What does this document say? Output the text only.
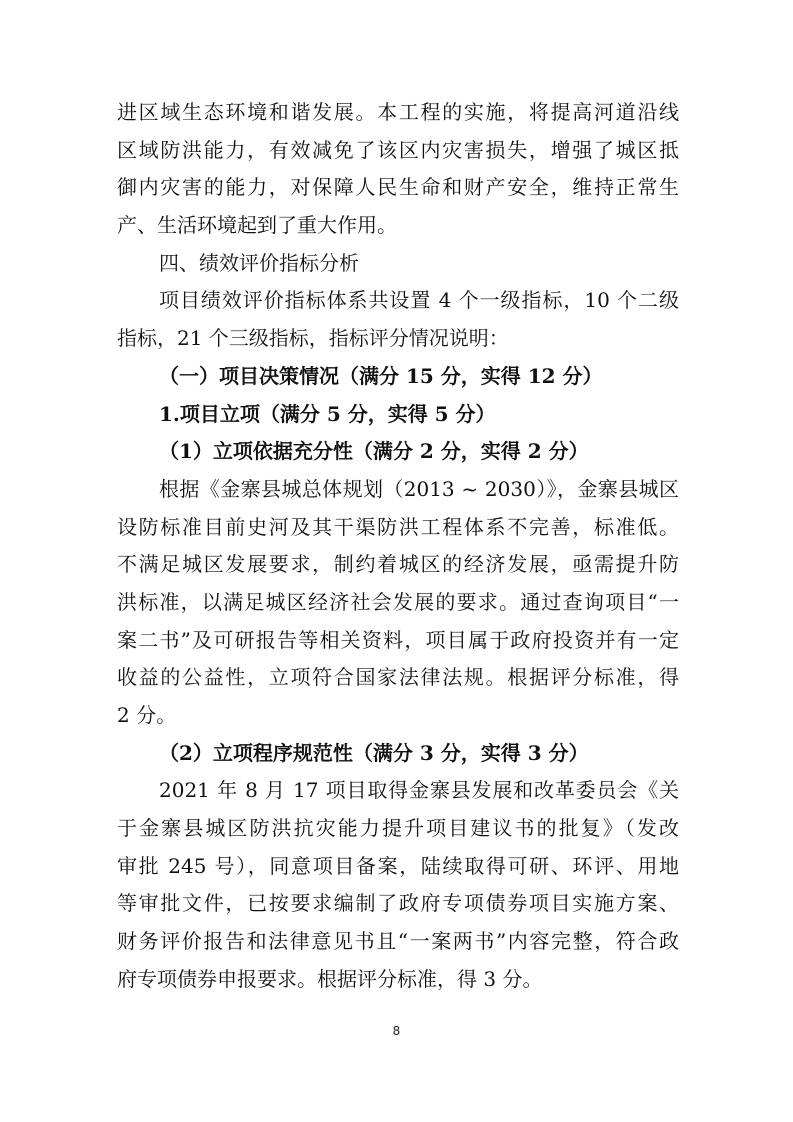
进区域生态环境和谐发展。本工程的实施，将提高河道沿线
区域防洪能力，有效减免了该区内灾害损失，增强了城区抵
御内灾害的能力，对保障人民生命和财产安全，维持正常生
产、生活环境起到了重大作用。
四、绩效评价指标分析
项目绩效评价指标体系共设置 4 个一级指标，10 个二级
指标，21 个三级指标，指标评分情况说明：
（一）项目决策情况（满分 15 分，实得 12 分）
1.项目立项（满分 5 分，实得 5 分）
（1）立项依据充分性（满分 2 分，实得 2 分）
根据《金寨县城总体规划（2013 ~ 2030）》，金寨县城区
设防标准目前史河及其干渠防洪工程体系不完善，标准低。
不满足城区发展要求，制约着城区的经济发展，亟需提升防
洪标准，以满足城区经济社会发展的要求。通过查询项目“一
案二书”及可研报告等相关资料，项目属于政府投资并有一定
收益的公益性，立项符合国家法律法规。根据评分标准，得
2 分。
（2）立项程序规范性（满分 3 分，实得 3 分）
2021 年 8 月 17 项目取得金寨县发展和改革委员会《关
于金寨县城区防洪抗灾能力提升项目建议书的批复》（发改
审批 245 号），同意项目备案，陆续取得可研、环评、用地
等审批文件，已按要求编制了政府专项债券项目实施方案、
财务评价报告和法律意见书且“一案两书”内容完整，符合政
府专项债券申报要求。根据评分标准，得 3 分。
8
